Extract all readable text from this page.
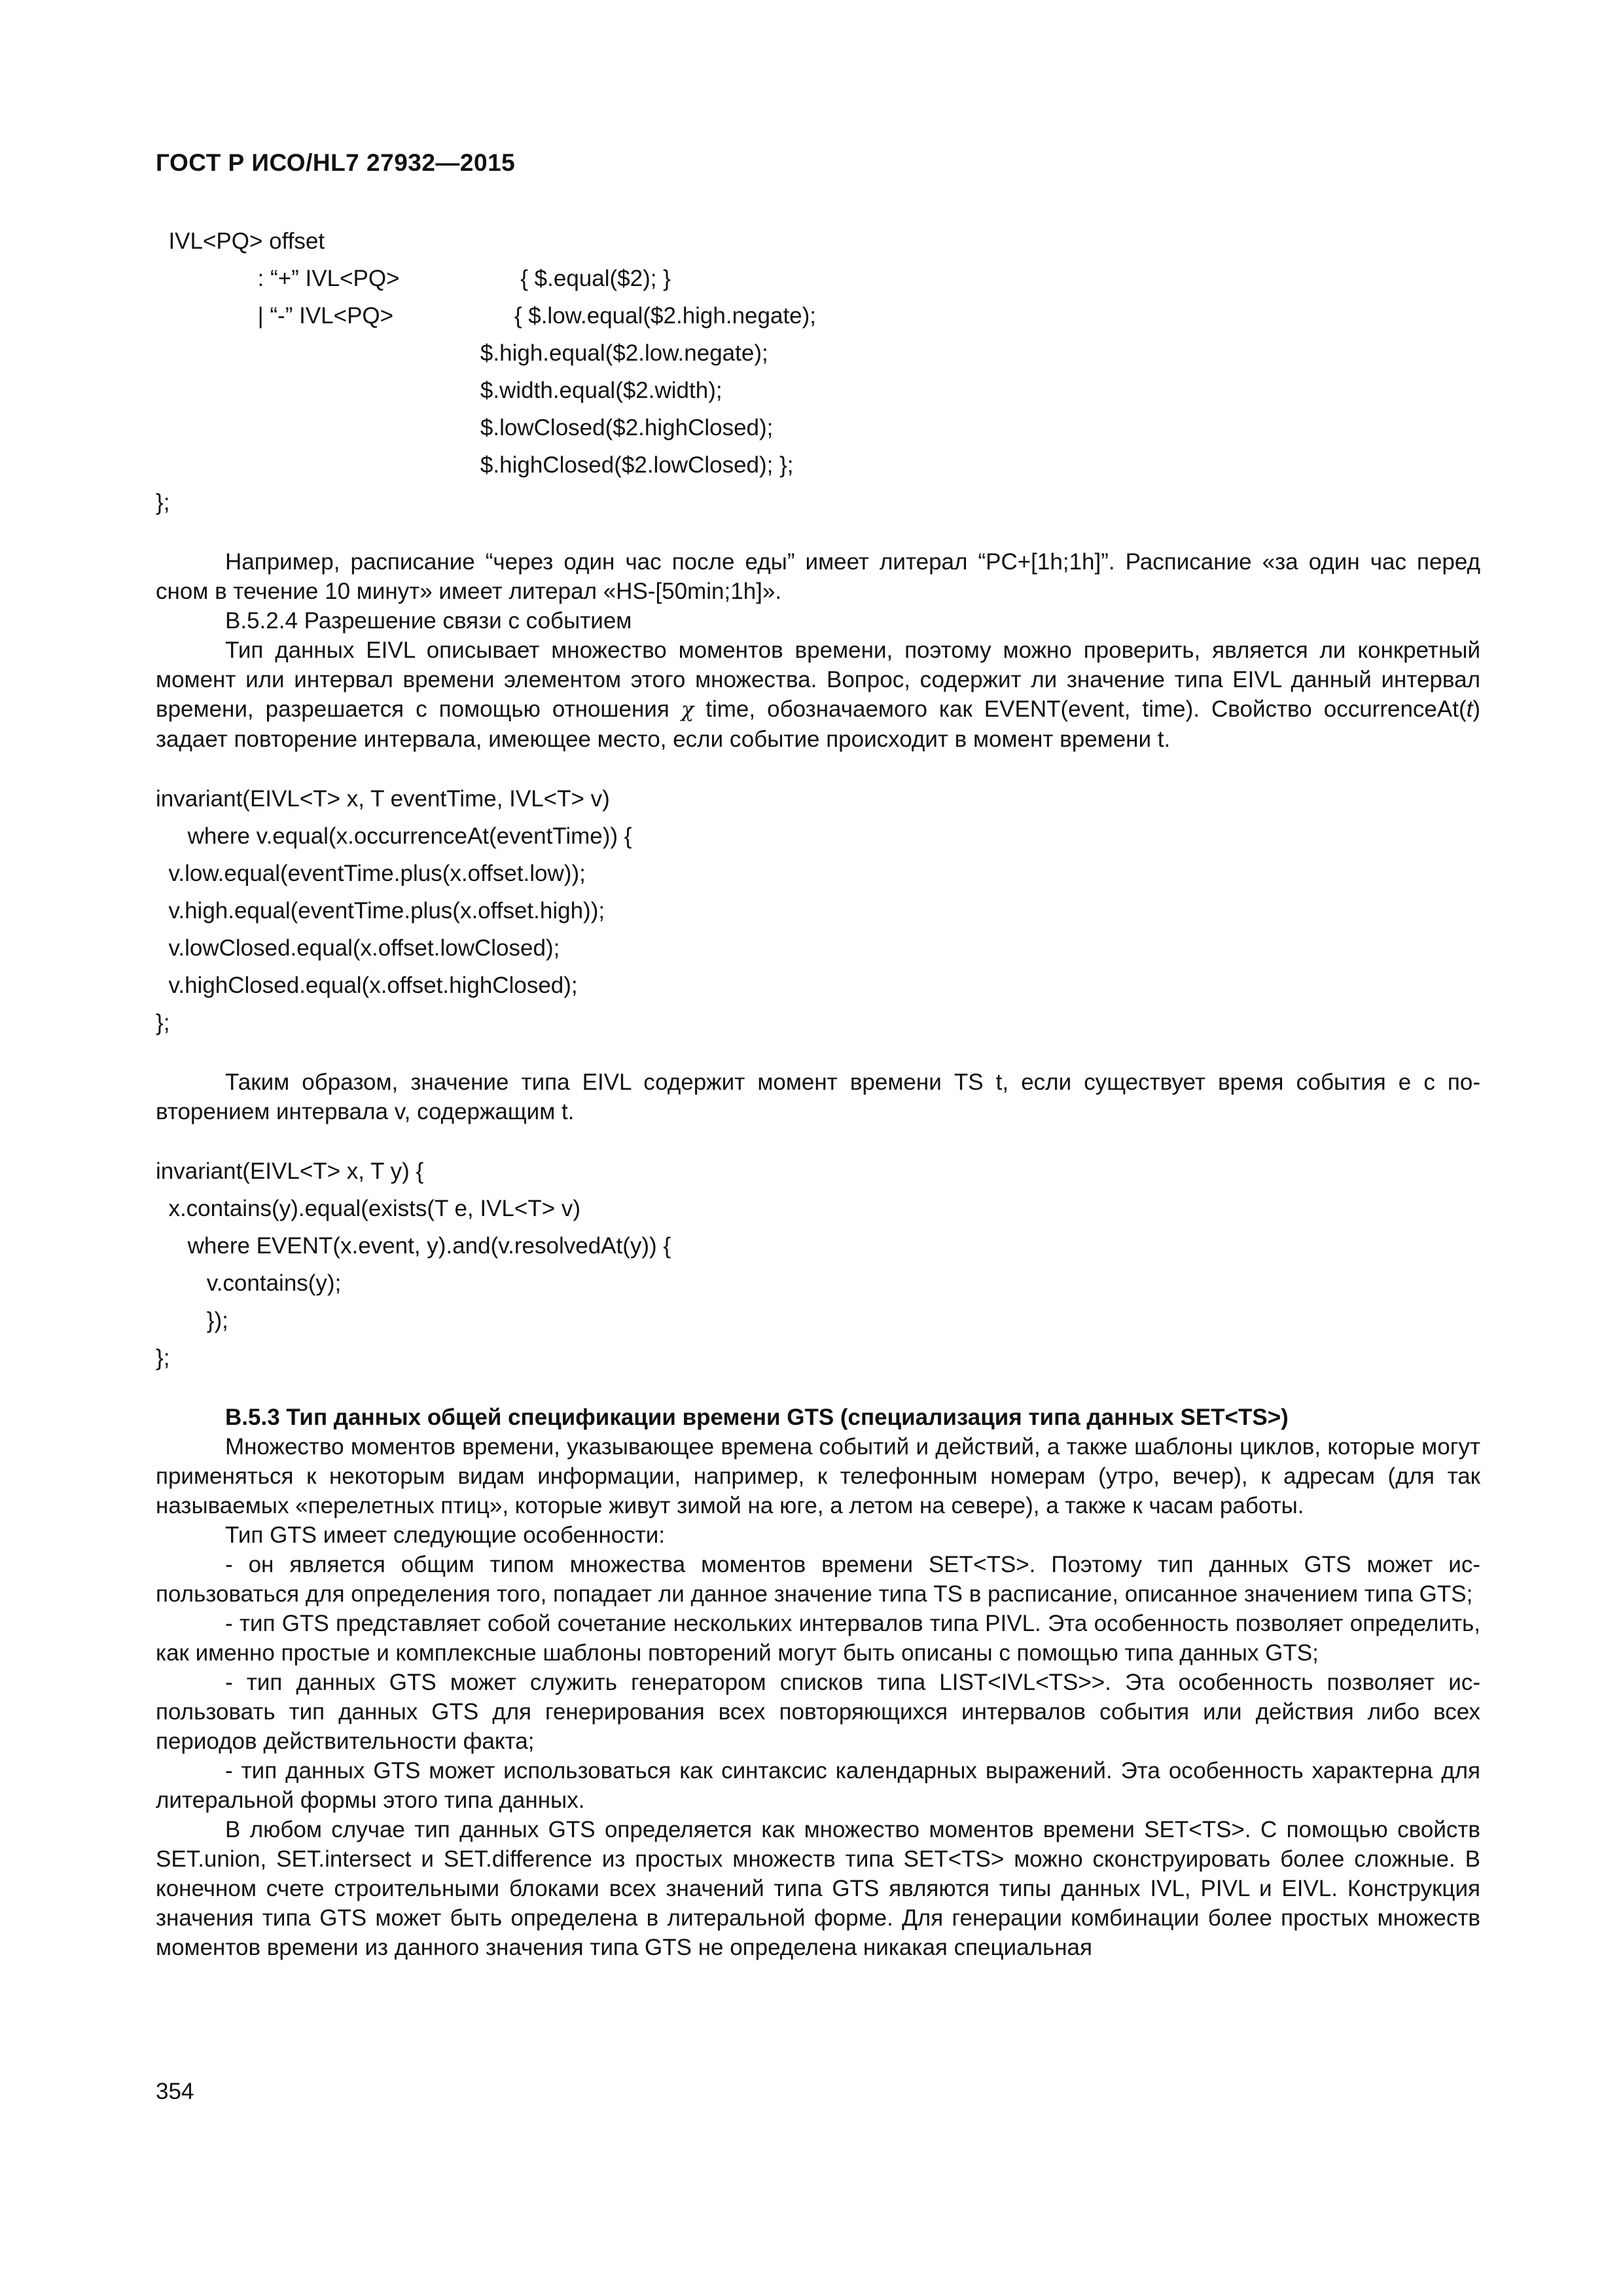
ГОСТ Р ИСО/HL7 27932—2015
IVL<PQ> offset
: “+” IVL<PQ>                   { $.equal($2); }
| “-” IVL<PQ>                   { $.low.equal($2.high.negate);
$.high.equal($2.low.negate);
$.width.equal($2.width);
$.lowClosed($2.highClosed);
$.highClosed($2.lowClosed); };
};

Например, расписание “через один час после еды” имеет литерал “PC+[1h;1h]”. Расписание «за один час перед сном в течение 10 минут» имеет литерал «HS-[50min;1h]».

В.5.2.4 Разрешение связи с событием

Тип данных EIVL описывает множество моментов времени, поэтому можно проверить, является ли конкретный момент или интервал времени элементом этого множества. Вопрос, содержит ли значение типа EIVL данный интервал времени, разрешается с помощью отношения χ time, обозначаемого как EVENT(event, time). Свойство occurrenceAt(t) задает повторение интервала, имеющее место, если событие происходит в момент времени t.

invariant(EIVL<T> x, T eventTime, IVL<T> v)
where v.equal(x.occurrenceAt(eventTime)) {
v.low.equal(eventTime.plus(x.offset.low));
v.high.equal(eventTime.plus(x.offset.high));
v.lowClosed.equal(x.offset.lowClosed);
v.highClosed.equal(x.offset.highClosed);
};

Таким образом, значение типа EIVL содержит момент времени TS t, если существует время события e с повторением интервала v, содержащим t.

invariant(EIVL<T> x, T y) {
x.contains(y).equal(exists(T e, IVL<T> v)
where EVENT(x.event, y).and(v.resolvedAt(y)) {
v.contains(y);
});
};

В.5.3 Тип данных общей спецификации времени GTS (специализация типа данных SET<TS>)

Множество моментов времени, указывающее времена событий и действий, а также шаблоны циклов, которые могут применяться к некоторым видам информации, например, к телефонным номерам (утро, вечер), к адресам (для так называемых «перелетных птиц», которые живут зимой на юге, а летом на севере), а также к часам работы.

Тип GTS имеет следующие особенности:

- он является общим типом множества моментов времени SET<TS>. Поэтому тип данных GTS может использоваться для определения того, попадает ли данное значение типа TS в расписание, описанное значением типа GTS;

- тип GTS представляет собой сочетание нескольких интервалов типа PIVL. Эта особенность позволяет определить, как именно простые и комплексные шаблоны повторений могут быть описаны с помощью типа данных GTS;

- тип данных GTS может служить генератором списков типа LIST<IVL<TS>>. Эта особенность позволяет использовать тип данных GTS для генерирования всех повторяющихся интервалов события или действия либо всех периодов действительности факта;

- тип данных GTS может использоваться как синтаксис календарных выражений. Эта особенность характерна для литеральной формы этого типа данных.

В любом случае тип данных GTS определяется как множество моментов времени SET<TS>. С помощью свойств SET.union, SET.intersect и SET.difference из простых множеств типа SET<TS> можно сконструировать более сложные. В конечном счете строительными блоками всех значений типа GTS являются типы данных IVL, PIVL и EIVL. Конструкция значения типа GTS может быть определена в литеральной форме. Для генерации комбинации более простых множеств моментов времени из данного значения типа GTS не определена никакая специальная

354
